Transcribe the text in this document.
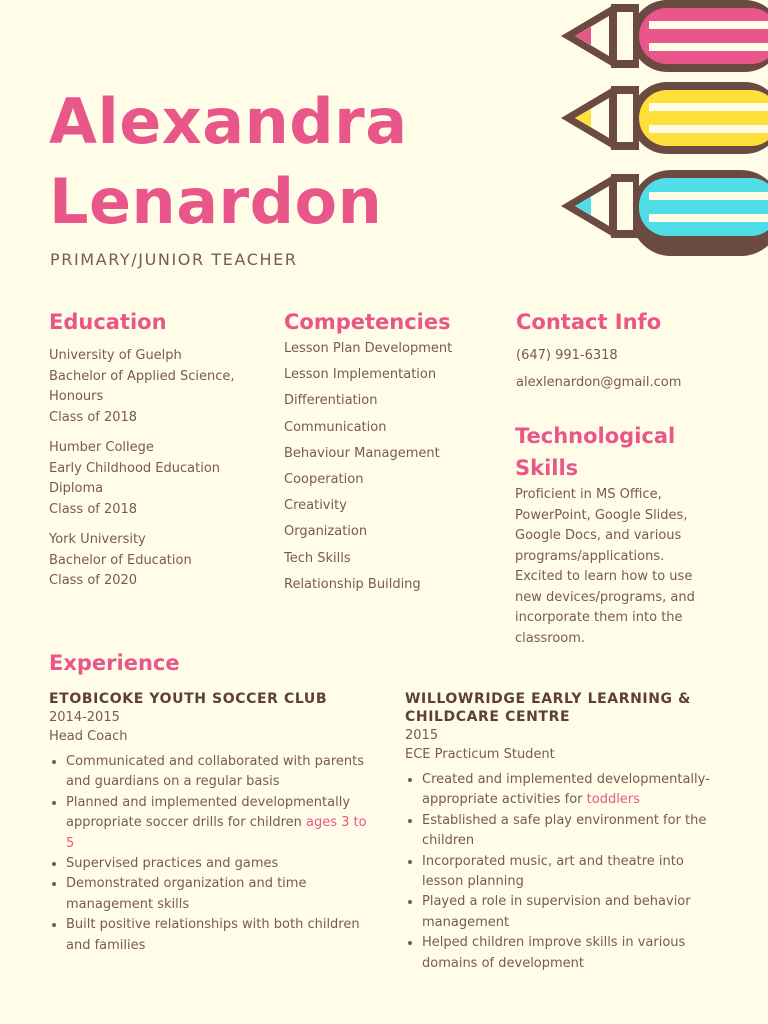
Alexandra
Lenardon
PRIMARY/JUNIOR TEACHER
Education
University of Guelph
Bachelor of Applied Science,
Honours
Class of 2018
Humber College
Early Childhood Education
Diploma
Class of 2018
York University
Bachelor of Education
Class of 2020
Competencies
Lesson Plan Development
Lesson Implementation
Differentiation
Communication
Behaviour Management
Cooperation
Creativity
Organization
Tech Skills
Relationship Building
Contact Info
(647) 991-6318
alexlenardon@gmail.com
Technological
Skills
Proficient in MS Office,
PowerPoint, Google Slides,
Google Docs, and various
programs/applications.
Excited to learn how to use
new devices/programs, and
incorporate them into the
classroom.
Experience
ETOBICOKE YOUTH SOCCER CLUB
2014-2015
Head Coach
• Communicated and collaborated with parents and guardians on a regular basis
• Planned and implemented developmentally appropriate soccer drills for children ages 3 to 5
• Supervised practices and games
• Demonstrated organization and time management skills
• Built positive relationships with both children and families
WILLOWRIDGE EARLY LEARNING &
CHILDCARE CENTRE
2015
ECE Practicum Student
• Created and implemented developmentally-appropriate activities for toddlers
• Established a safe play environment for the children
• Incorporated music, art and theatre into lesson planning
• Played a role in supervision and behavior management
• Helped children improve skills in various domains of development
